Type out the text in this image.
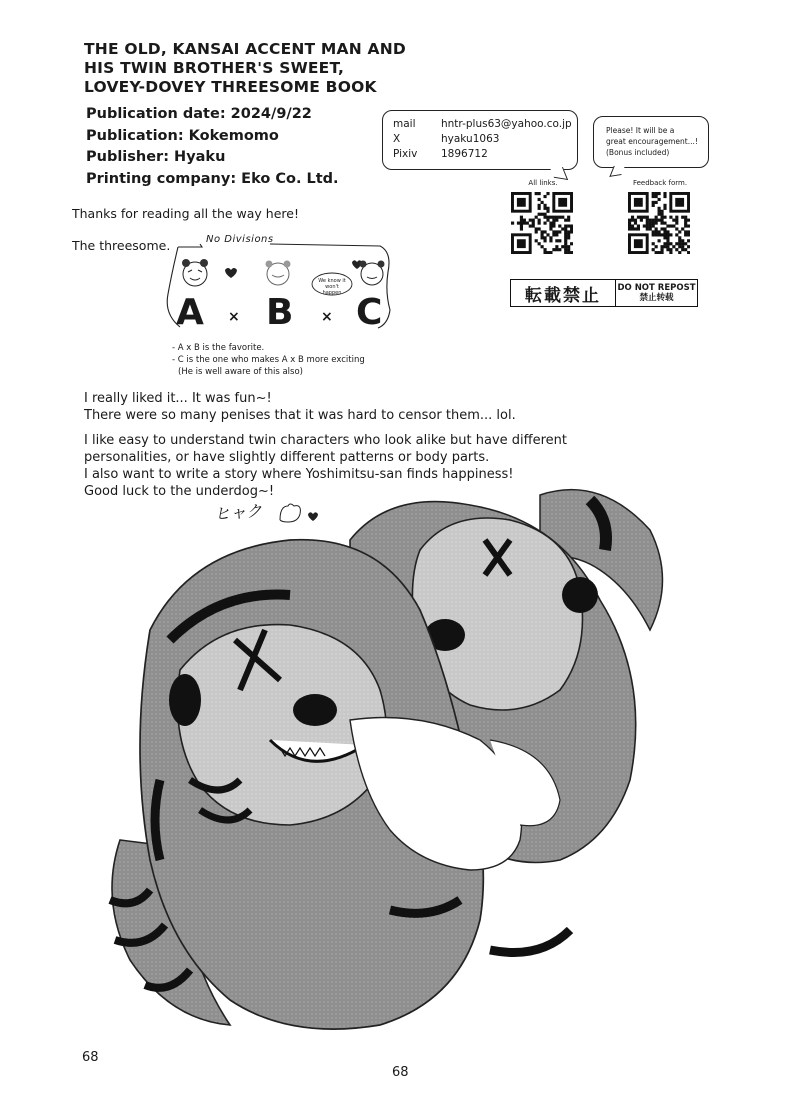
THE OLD, KANSAI ACCENT MAN AND
HIS TWIN BROTHER'S SWEET,
LOVEY-DOVEY THREESOME BOOK
Publication date: 2024/9/22
Publication: Kokemomo
Publisher: Hyaku
Printing company: Eko Co. Ltd.
mail hntr-plus63@yahoo.co.jp
X	hyaku1063
Pixiv 1896712
Please! It will be a
great encouragement...!
(Bonus included)
All links.	Feedback form.
転載禁止	DO NOT REPOST
禁止转载
Thanks for reading all the way here!
The threesome.	No Divisions
We know it
won't happen
A × B × C
- A x B is the favorite.
- C is the one who makes A x B more exciting
(He is well aware of this also)
I really liked it... It was fun~!
There were so many penises that it was hard to censor them... lol.
I like easy to understand twin characters who look alike but have different
personalities, or have slightly different patterns or body parts.
I also want to write a story where Yoshimitsu-san finds happiness!
Good luck to the underdog~!
ヒャク
68
68
